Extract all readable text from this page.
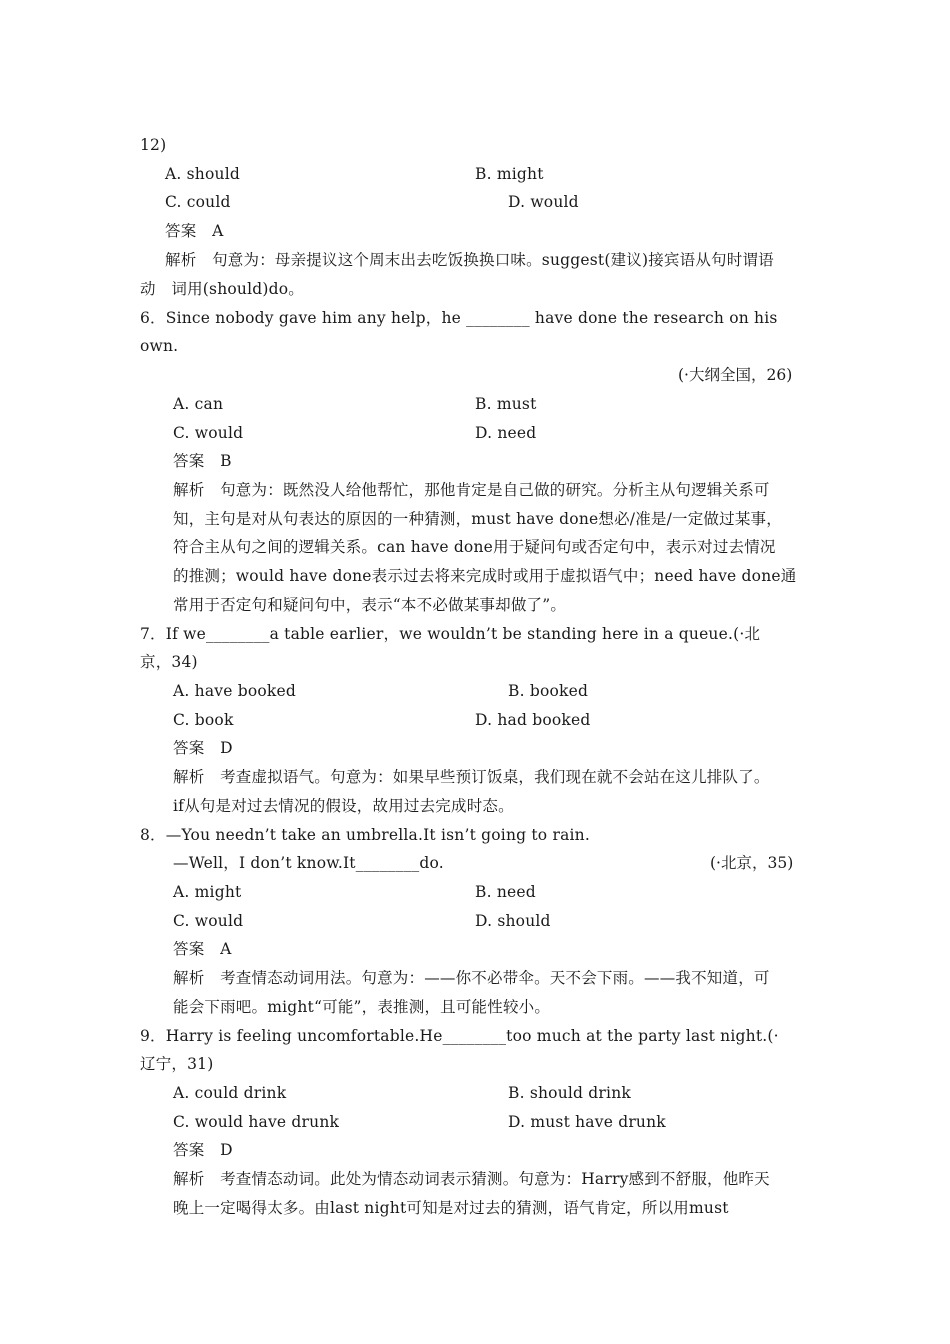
12)
A. should	B. might
C. could	D. would
答案　A
解析　句意为：母亲提议这个周末出去吃饭换换口味。suggest(建议)接宾语从句时谓语
动　词用(should)do。
6．Since nobody gave him any help，he ________ have done the research on his
own.
(·大纲全国，26)
A. can	B. must
C. would	D. need
答案　B
解析　句意为：既然没人给他帮忙，那他肯定是自己做的研究。分析主从句逻辑关系可
知，主句是对从句表达的原因的一种猜测，must have done想必/准是/一定做过某事，
符合主从句之间的逻辑关系。can have done用于疑问句或否定句中，表示对过去情况
的推测；would have done表示过去将来完成时或用于虚拟语气中；need have done通
常用于否定句和疑问句中，表示“本不必做某事却做了”。
7．If we________a table earlier，we wouldn’t be standing here in a queue.(·北
京，34)
A. have booked	B. booked
C. book	D. had booked
答案　D
解析　考查虚拟语气。句意为：如果早些预订饭桌，我们现在就不会站在这儿排队了。
if从句是对过去情况的假设，故用过去完成时态。
8．—You needn’t take an umbrella.It isn’t going to rain.
—Well，I don’t know.It________do.	(·北京，35)
A. might	B. need
C. would	D. should
答案　A
解析　考查情态动词用法。句意为：——你不必带伞。天不会下雨。——我不知道，可
能会下雨吧。might“可能”，表推测，且可能性较小。
9．Harry is feeling uncomfortable.He________too much at the party last night.(·
辽宁，31)
A. could drink	B. should drink
C. would have drunk	D. must have drunk
答案　D
解析　考查情态动词。此处为情态动词表示猜测。句意为：Harry感到不舒服，他昨天
晚上一定喝得太多。由last night可知是对过去的猜测，语气肯定，所以用must
